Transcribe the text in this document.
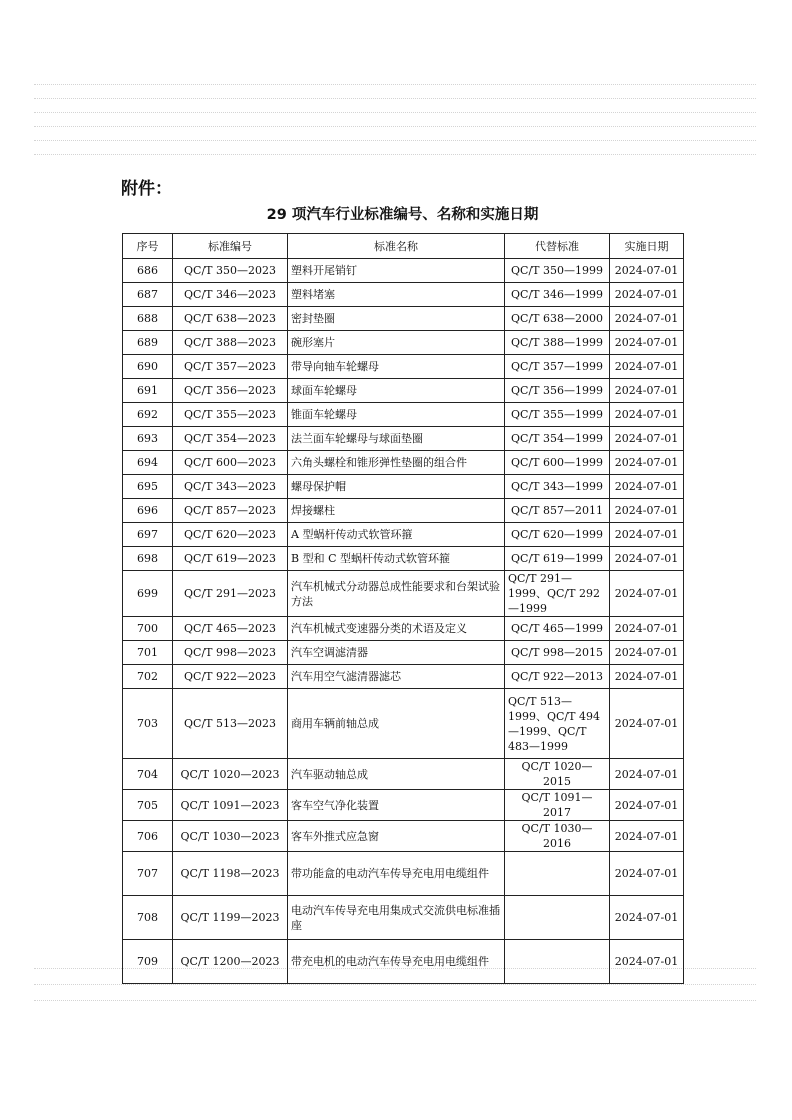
附件：
29 项汽车行业标准编号、名称和实施日期
序号	标准编号	标准名称	代替标准	实施日期
686	QC/T 350—2023	塑料开尾销钉	QC/T 350—1999	2024-07-01
687	QC/T 346—2023	塑料堵塞	QC/T 346—1999	2024-07-01
688	QC/T 638—2023	密封垫圈	QC/T 638—2000	2024-07-01
689	QC/T 388—2023	碗形塞片	QC/T 388—1999	2024-07-01
690	QC/T 357—2023	带导向轴车轮螺母	QC/T 357—1999	2024-07-01
691	QC/T 356—2023	球面车轮螺母	QC/T 356—1999	2024-07-01
692	QC/T 355—2023	锥面车轮螺母	QC/T 355—1999	2024-07-01
693	QC/T 354—2023	法兰面车轮螺母与球面垫圈	QC/T 354—1999	2024-07-01
694	QC/T 600—2023	六角头螺栓和锥形弹性垫圈的组合件	QC/T 600—1999	2024-07-01
695	QC/T 343—2023	螺母保护帽	QC/T 343—1999	2024-07-01
696	QC/T 857—2023	焊接螺柱	QC/T 857—2011	2024-07-01
697	QC/T 620—2023	A 型蜗杆传动式软管环箍	QC/T 620—1999	2024-07-01
698	QC/T 619—2023	B 型和 C 型蜗杆传动式软管环箍	QC/T 619—1999	2024-07-01
699	QC/T 291—2023	汽车机械式分动器总成性能要求和台架试验方法	QC/T 291—1999、QC/T 292—1999	2024-07-01
700	QC/T 465—2023	汽车机械式变速器分类的术语及定义	QC/T 465—1999	2024-07-01
701	QC/T 998—2023	汽车空调滤清器	QC/T 998—2015	2024-07-01
702	QC/T 922—2023	汽车用空气滤清器滤芯	QC/T 922—2013	2024-07-01
703	QC/T 513—2023	商用车辆前轴总成	QC/T 513—1999、QC/T 494—1999、QC/T 483—1999	2024-07-01
704	QC/T 1020—2023	汽车驱动轴总成	QC/T 1020—2015	2024-07-01
705	QC/T 1091—2023	客车空气净化装置	QC/T 1091—2017	2024-07-01
706	QC/T 1030—2023	客车外推式应急窗	QC/T 1030—2016	2024-07-01
707	QC/T 1198—2023	带功能盒的电动汽车传导充电用电缆组件		2024-07-01
708	QC/T 1199—2023	电动汽车传导充电用集成式交流供电标准插座		2024-07-01
709	QC/T 1200—2023	带充电机的电动汽车传导充电用电缆组件		2024-07-01
